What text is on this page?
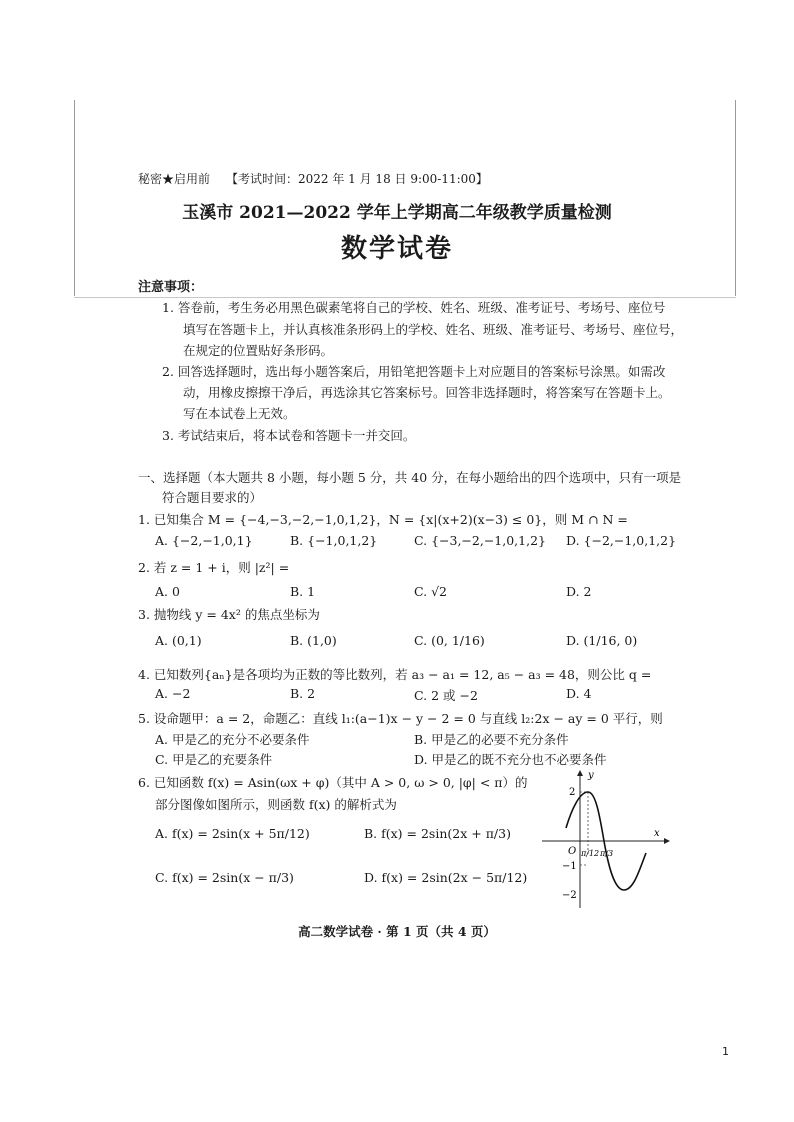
秘密★启用前 【考试时间：2022 年 1 月 18 日 9:00-11:00】
玉溪市 2021—2022 学年上学期高二年级教学质量检测
数学试卷
注意事项：
1. 答卷前，考生务必用黑色碳素笔将自己的学校、姓名、班级、准考证号、考场号、座位号
填写在答题卡上，并认真核准条形码上的学校、姓名、班级、准考证号、考场号、座位号，
在规定的位置贴好条形码。
2. 回答选择题时，选出每小题答案后，用铅笔把答题卡上对应题目的答案标号涂黑。如需改
动，用橡皮擦擦干净后，再选涂其它答案标号。回答非选择题时，将答案写在答题卡上。
写在本试卷上无效。
3. 考试结束后，将本试卷和答题卡一并交回。
一、选择题（本大题共 8 小题，每小题 5 分，共 40 分，在每小题给出的四个选项中，只有一项是
符合题目要求的）
1. 已知集合 M = {−4,−3,−2,−1,0,1,2}，N = {x|(x+2)(x−3) ≤ 0}，则 M ∩ N =
A. {−2,−1,0,1}	B. {−1,0,1,2}	C. {−3,−2,−1,0,1,2} D. {−2,−1,0,1,2}
2. 若 z = 1 + i，则 |z²| =
A. 0	B. 1	C. √2	D. 2
3. 抛物线 y = 4x² 的焦点坐标为
A. (0,1)	B. (1,0)	C. (0, 1/16)	D. (1/16, 0)
4. 已知数列{aₙ}是各项均为正数的等比数列，若 a₃ − a₁ = 12, a₅ − a₃ = 48，则公比 q =
A. −2	B. 2	C. 2 或 −2	D. 4
5. 设命题甲：a = 2，命题乙：直线 l₁:(a−1)x − y − 2 = 0 与直线 l₂:2x − ay = 0 平行，则
A. 甲是乙的充分不必要条件	B. 甲是乙的必要不充分条件
C. 甲是乙的充要条件	D. 甲是乙的既不充分也不必要条件
6. 已知函数 f(x) = Asin(ωx + φ)（其中 A > 0, ω > 0, |φ| < π）的
部分图像如图所示，则函数 f(x) 的解析式为
A. f(x) = 2sin(x + 5π/12)	B. f(x) = 2sin(2x + π/3)
C. f(x) = 2sin(x − π/3)	D. f(x) = 2sin(2x − 5π/12)
y
x
O
2
−1
−2
π/12 π/3
高二数学试卷 · 第 1 页（共 4 页）
1
